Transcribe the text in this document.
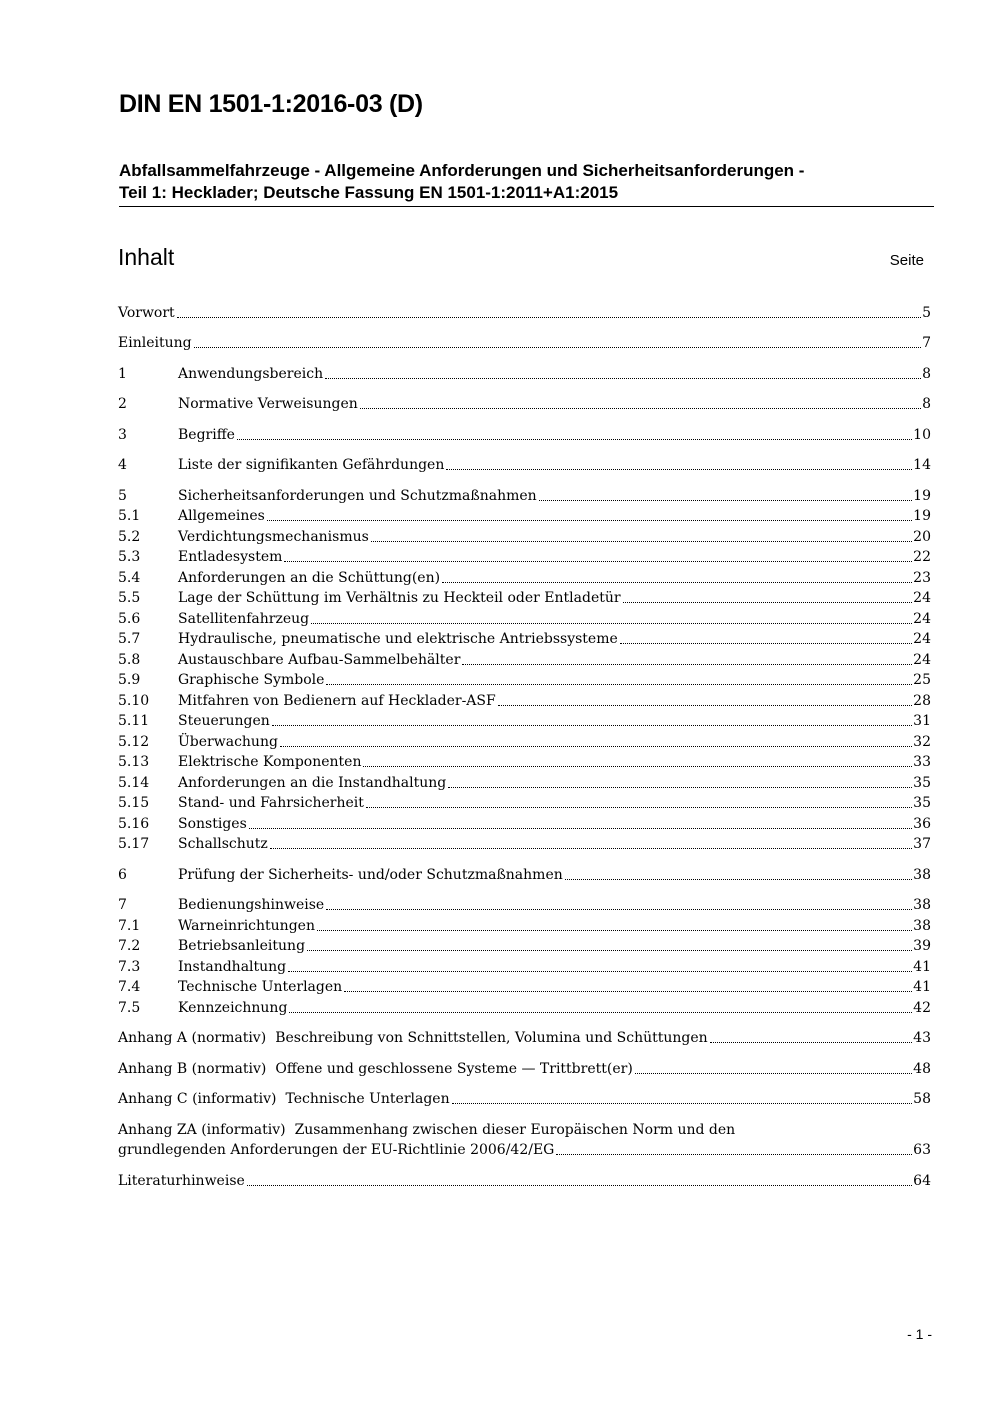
DIN EN 1501-1:2016-03 (D)
Abfallsammelfahrzeuge - Allgemeine Anforderungen und Sicherheitsanforderungen -
Teil 1: Hecklader; Deutsche Fassung EN 1501-1:2011+A1:2015
Inhalt	Seite
Vorwort	5
Einleitung	7
1	Anwendungsbereich	8
2	Normative Verweisungen	8
3	Begriffe	10
4	Liste der signifikanten Gefährdungen	14
5	Sicherheitsanforderungen und Schutzmaßnahmen	19
5.1	Allgemeines	19
5.2	Verdichtungsmechanismus	20
5.3	Entladesystem	22
5.4	Anforderungen an die Schüttung(en)	23
5.5	Lage der Schüttung im Verhältnis zu Heckteil oder Entladetür	24
5.6	Satellitenfahrzeug	24
5.7	Hydraulische, pneumatische und elektrische Antriebssysteme	24
5.8	Austauschbare Aufbau-Sammelbehälter	24
5.9	Graphische Symbole	25
5.10	Mitfahren von Bedienern auf Hecklader-ASF	28
5.11	Steuerungen	31
5.12	Überwachung	32
5.13	Elektrische Komponenten	33
5.14	Anforderungen an die Instandhaltung	35
5.15	Stand- und Fahrsicherheit	35
5.16	Sonstiges	36
5.17	Schallschutz	37
6	Prüfung der Sicherheits- und/oder Schutzmaßnahmen	38
7	Bedienungshinweise	38
7.1	Warneinrichtungen	38
7.2	Betriebsanleitung	39
7.3	Instandhaltung	41
7.4	Technische Unterlagen	41
7.5	Kennzeichnung	42
Anhang A (normativ) Beschreibung von Schnittstellen, Volumina und Schüttungen	43
Anhang B (normativ) Offene und geschlossene Systeme — Trittbrett(er)	48
Anhang C (informativ) Technische Unterlagen	58
Anhang ZA (informativ) Zusammenhang zwischen dieser Europäischen Norm und den
grundlegenden Anforderungen der EU-Richtlinie 2006/42/EG	63
Literaturhinweise	64
- 1 -
